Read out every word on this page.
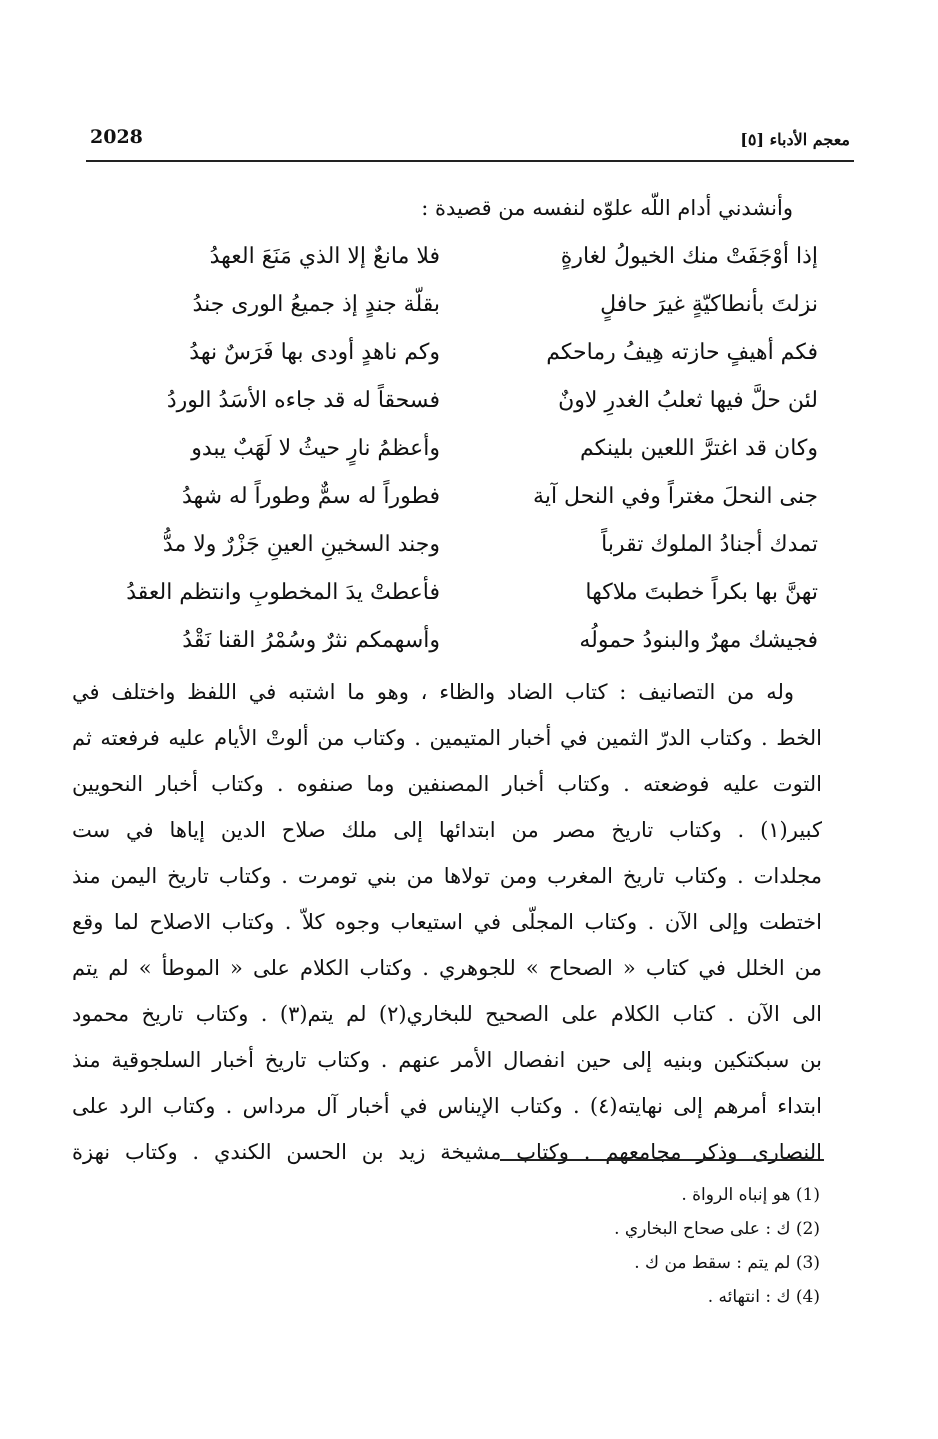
2028	معجم الأدباء [٥]
وأنشدني أدام اللّه علوّه لنفسه من قصيدة :
إذا أوْجَفَتْ منك الخيولُ لغارةٍ
فلا مانعٌ إلا الذي مَنَعَ العهدُ
نزلتَ بأنطاكيّةٍ غيرَ حافلٍ
بقلّة جندٍ إذ جميعُ الورى جندُ
فكم أهيفٍ حازته هِيفُ رماحكم
وكم ناهدٍ أودى بها فَرَسٌ نهدُ
لئن حلَّ فيها ثعلبُ الغدرِ لاونٌ
فسحقاً له قد جاءه الأسَدُ الوردُ
وكان قد اغترَّ اللعين بلينكم
وأعظمُ نارٍ حيثُ لا لَهَبٌ يبدو
جنى النحلَ مغتراً وفي النحل آية
فطوراً له سمٌّ وطوراً له شهدُ
تمدك أجنادُ الملوك تقرباً
وجند السخينِ العينِ جَزْرٌ ولا مدُّ
تهنَّ بها بكراً خطبتَ ملاكها
فأعطتْ يدَ المخطوبِ وانتظم العقدُ
فجيشك مهرٌ والبنودُ حمولُه
وأسهمكم نثرٌ وسُمْرُ القنا نَقْدُ
وله من التصانيف : كتاب الضاد والظاء ، وهو ما اشتبه في اللفظ واختلف في
الخط . وكتاب الدرّ الثمين في أخبار المتيمين . وكتاب من ألوتْ الأيام عليه فرفعته ثم
التوت عليه فوضعته . وكتاب أخبار المصنفين وما صنفوه . وكتاب أخبار النحويين
كبير(١) . وكتاب تاريخ مصر من ابتدائها إلى ملك صلاح الدين إياها في ست
مجلدات . وكتاب تاريخ المغرب ومن تولاها من بني تومرت . وكتاب تاريخ اليمن منذ
اختطت وإلى الآن . وكتاب المجلّى في استيعاب وجوه كلاّ . وكتاب الاصلاح لما وقع
من الخلل في كتاب « الصحاح » للجوهري . وكتاب الكلام على « الموطأ » لم يتم
الى الآن . كتاب الكلام على الصحيح للبخاري(٢) لم يتم(٣) . وكتاب تاريخ محمود
بن سبكتكين وبنيه إلى حين انفصال الأمر عنهم . وكتاب تاريخ أخبار السلجوقية منذ
ابتداء أمرهم إلى نهايته(٤) . وكتاب الإيناس في أخبار آل مرداس . وكتاب الرد على
النصارى وذكر مجامعهم . وكتاب مشيخة زيد بن الحسن الكندي . وكتاب نهزة
(1) هو إنباه الرواة .
(2) ك : على صحاح البخاري .
(3) لم يتم : سقط من ك .
(4) ك : انتهائه .
